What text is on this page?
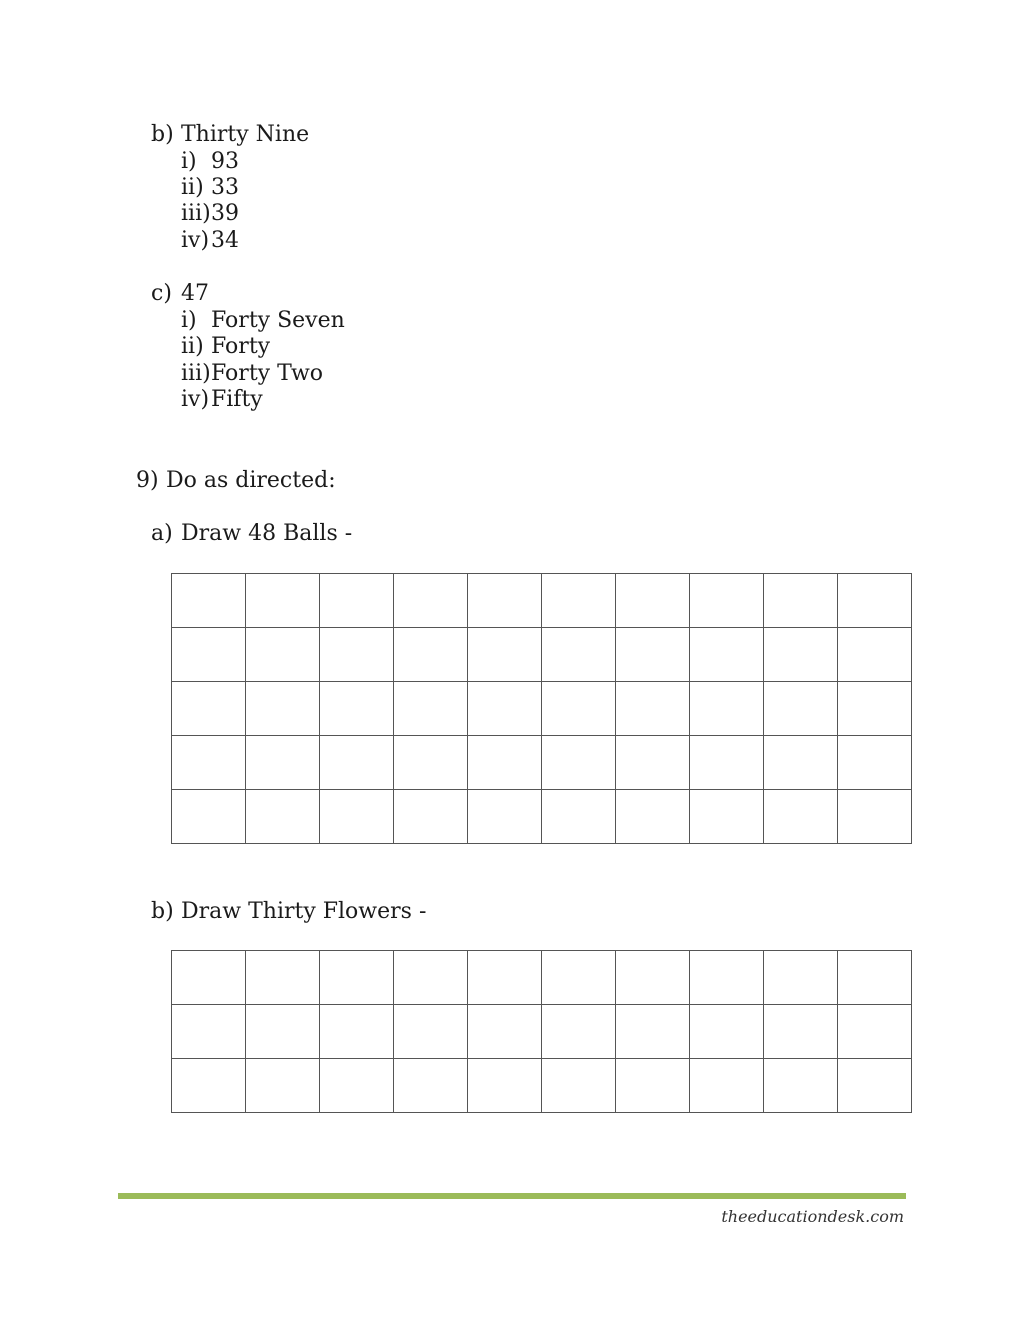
b) Thirty Nine
i) 93
ii) 33
iii) 39
iv) 34
c) 47
i) Forty Seven
ii) Forty
iii) Forty Two
iv) Fifty
9) Do as directed:
a) Draw 48 Balls -

b) Draw Thirty Flowers -

theeducationdesk.com
